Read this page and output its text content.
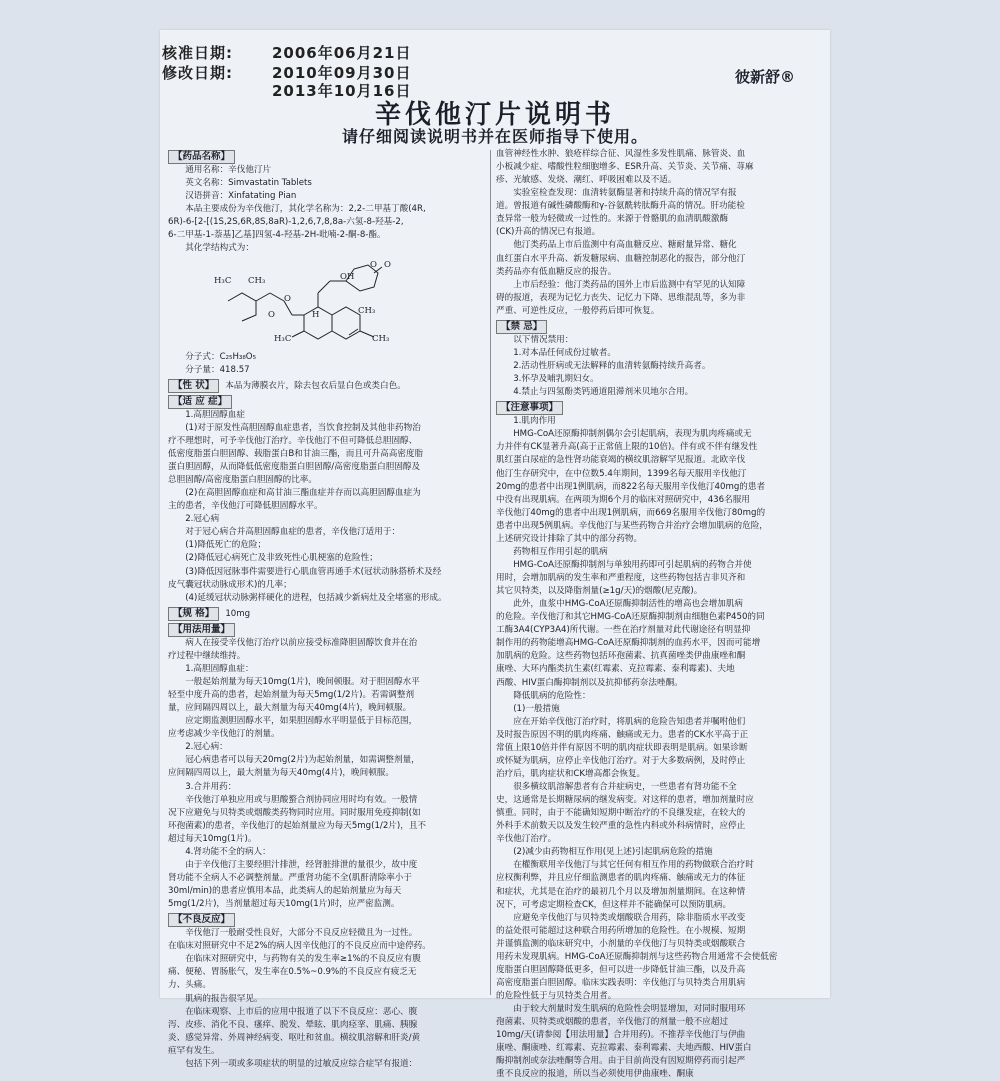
核准日期:	2006年06月21日
修改日期:	2010年09月30日
2013年10月16日
彼新舒®
辛伐他汀片说明书
请仔细阅读说明书并在医师指导下使用。
【药品名称】
通用名称：辛伐他汀片
英文名称：Simvastatin Tablets
汉语拼音：Xinfatating Pian
本品主要成份为辛伐他汀，其化学名称为：2,2-二甲基丁酸(4R,
6R)-6-[2-[(1S,2S,6R,8S,8aR)-1,2,6,7,8,8a-六氢-8-羟基-2,
6-二甲基-1-萘基]乙基]四氢-4-羟基-2H-吡喃-2-酮-8-酯。
其化学结构式为：
H₃C CH₃
O
H
O
O O
OH
CH₃
H₃C	CH₃
分子式：C₂₅H₃₈O₅
分子量：418.57
【性 状】 本品为薄膜衣片，除去包衣后显白色或类白色。
【适 应 症】
1.高胆固醇血症
(1)对于原发性高胆固醇血症患者，当饮食控制及其他非药物治
疗不理想时，可予辛伐他汀治疗。辛伐他汀不但可降低总胆固醇、
低密度脂蛋白胆固醇、载脂蛋白B和甘油三酯，而且可升高高密度脂
蛋白胆固醇，从而降低低密度脂蛋白胆固醇/高密度脂蛋白胆固醇及
总胆固醇/高密度脂蛋白胆固醇的比率。
(2)在高胆固醇血症和高甘油三酯血症并存而以高胆固醇血症为
主的患者，辛伐他汀可降低胆固醇水平。
2.冠心病
对于冠心病合并高胆固醇血症的患者，辛伐他汀适用于：
(1)降低死亡的危险；
(2)降低冠心病死亡及非致死性心肌梗塞的危险性；
(3)降低因冠脉事件需要进行心肌血管再通手术(冠状动脉搭桥术及经
皮气囊冠状动脉成形术)的几率；
(4)延缓冠状动脉粥样硬化的进程，包括减少新病灶及全堵塞的形成。
【规 格】 10mg
【用法用量】
病人在接受辛伐他汀治疗以前应接受标准降胆固醇饮食并在治
疗过程中继续维持。
1.高胆固醇血症：
一般起始剂量为每天10mg(1片)，晚间顿服。对于胆固醇水平
轻至中度升高的患者，起始剂量为每天5mg(1/2片)。若需调整剂
量，应间隔四周以上，最大剂量为每天40mg(4片)，晚间顿服。
应定期监测胆固醇水平，如果胆固醇水平明显低于目标范围，
应考虑减少辛伐他汀的剂量。
2.冠心病：
冠心病患者可以每天20mg(2片)为起始剂量，如需调整剂量，
应间隔四周以上，最大剂量为每天40mg(4片)，晚间顿服。
3.合并用药：
辛伐他汀单独应用或与胆酸螯合剂协同应用时均有效。一般情
况下应避免与贝特类或烟酸类药物同时应用。同时服用免疫抑制(如
环孢菌素)的患者，辛伐他汀的起始剂量应为每天5mg(1/2片)，且不
超过每天10mg(1片)。
4.肾功能不全的病人：
由于辛伐他汀主要经胆汁排泄，经肾脏排泄的量很少，故中度
肾功能不全病人不必调整剂量。严重肾功能不全(肌酐清除率小于
30ml/min)的患者应慎用本品，此类病人的起始剂量应为每天
5mg(1/2片)，当剂量超过每天10mg(1片)时，应严密监测。
【不良反应】
辛伐他汀一般耐受性良好，大部分不良反应轻微且为一过性。
在临床对照研究中不足2%的病人因辛伐他汀的不良反应而中途停药。
在临床对照研究中，与药物有关的发生率≥1%的不良反应有腹
痛、便秘、胃肠胀气，发生率在0.5%~0.9%的不良反应有疲乏无
力、头痛。
肌病的报告很罕见。
在临床观察、上市后的应用中报道了以下不良反应：恶心、腹
泻、皮疹、消化不良、瘙痒、脱发、晕眩、肌肉痉挛、肌痛、胰腺
炎、感觉异常、外周神经病变、呕吐和贫血。横纹肌溶解和肝炎/黄
疸罕有发生。
包括下列一项或多项症状的明显的过敏反应综合症罕有报道：
血管神经性水肿、狼疮样综合征、风湿性多发性肌痛、脉管炎、血
小板减少症、嗜酸性粒细胞增多、ESR升高、关节炎、关节痛、荨麻
疹、光敏感、发烧、潮红、呼吸困难以及不适。
实验室检查发现：血清转氨酶显著和持续升高的情况罕有报
道。曾报道有碱性磷酸酶和γ-谷氨酰转肽酶升高的情况。肝功能检
查异常一般为轻微或一过性的。来源于骨骼肌的血清肌酸激酶
(CK)升高的情况已有报道。
他汀类药品上市后监测中有高血糖反应、糖耐量异常、糖化
血红蛋白水平升高、新发糖尿病、血糖控制恶化的报告，部分他汀
类药品亦有低血糖反应的报告。
上市后经验：他汀类药品的国外上市后监测中有罕见的认知障
碍的报道，表现为记忆力丧失、记忆力下降、思维混乱等，多为非
严重、可逆性反应，一般停药后即可恢复。
【禁 忌】
以下情况禁用：
1.对本品任何成份过敏者。
2.活动性肝病或无法解释的血清转氨酶持续升高者。
3.怀孕及哺乳期妇女。
4.禁止与四氢酚类钙通道阻滞剂米贝地尔合用。
【注意事项】
1.肌肉作用
HMG-CoA还原酶抑制剂偶尔会引起肌病，表现为肌肉疼痛或无
力并伴有CK显著升高(高于正常值上限的10倍)。伴有或不伴有继发性
肌红蛋白尿症的急性肾功能衰竭的横纹肌溶解罕见报道。北欧辛伐
他汀生存研究中，在中位数5.4年期间，1399名每天服用辛伐他汀
20mg的患者中出现1例肌病，而822名每天服用辛伐他汀40mg的患者
中没有出现肌病。在两项为期6个月的临床对照研究中，436名服用
辛伐他汀40mg的患者中出现1例肌病，而669名服用辛伐他汀80mg的
患者中出现5例肌病。辛伐他汀与某些药物合并治疗会增加肌病的危险，
上述研究设计排除了其中的部分药物。
药物相互作用引起的肌病
HMG-CoA还原酶抑制剂与单独用药即可引起肌病的药物合并使
用时，会增加肌病的发生率和严重程度，这些药物包括吉非贝齐和
其它贝特类，以及降脂剂量(≥1g/天)的烟酸(尼克酸)。
此外，血浆中HMG-CoA还原酶抑制活性的增高也会增加肌病
的危险。辛伐他汀和其它HMG-CoA还原酶抑制剂由细胞色素P450的同
工酶3A4(CYP3A4)所代谢。一些在治疗剂量对此代谢途径有明显抑
制作用的药物能增高HMG-CoA还原酶抑制剂的血药水平，因而可能增
加肌病的危险。这些药物包括环孢菌素、抗真菌唑类伊曲康唑和酮
康唑、大环内酯类抗生素(红霉素、克拉霉素、泰利霉素)、夫地
西酸、HIV蛋白酶抑制剂以及抗抑郁药奈法唑酮。
降低肌病的危险性：
(1)一般措施
应在开始辛伐他汀治疗时，将肌病的危险告知患者并嘱咐他们
及时报告原因不明的肌肉疼痛、触痛或无力。患者的CK水平高于正
常值上限10倍并伴有原因不明的肌肉症状即表明是肌病。如果诊断
或怀疑为肌病，应停止辛伐他汀治疗。对于大多数病例，及时停止
治疗后，肌肉症状和CK增高都会恢复。
很多横纹肌溶解患者有合并症病史，一些患者有肾功能不全
史，这通常是长期糖尿病的继发病变。对这样的患者，增加剂量时应
慎重。同时，由于不能确知短期中断治疗的不良继发症，在较大的
外科手术前数天以及发生较严重的急性内科或外科病情时，应停止
辛伐他汀治疗。
(2)减少由药物相互作用(见上述)引起肌病危险的措施
在權衡联用辛伐他汀与其它任何有相互作用的药物做联合治疗时
应权衡利弊，并且应仔细监测患者的肌肉疼痛、触痛或无力的体征
和症状，尤其是在治疗的最初几个月以及增加剂量期间。在这种情
况下，可考虑定期检查CK，但这样并不能确保可以预防肌病。
应避免辛伐他汀与贝特类或烟酸联合用药，除非脂质水平改变
的益处很可能超过这种联合用药所增加的危险性。在小规模、短期
并谨慎监测的临床研究中，小剂量的辛伐他汀与贝特类或烟酸联合
用药未发现肌病。HMG-CoA还原酶抑制剂与这些药物合用通常不会使低密
度脂蛋白胆固醇降低更多，但可以进一步降低甘油三酯，以及升高
高密度脂蛋白胆固醇。临床实践表明：辛伐他汀与贝特类合用肌病
的危险性低于与贝特类合用者。
由于较大剂量时发生肌病的危险性会明显增加，对同时服用环
孢菌素、贝特类或烟酸的患者，辛伐他汀的剂量一般不应超过
10mg/天(请参阅【用法用量】合并用药)。不推荐辛伐他汀与伊曲
康唑、酮康唑、红霉素、克拉霉素、泰利霉素、夫地西酸、HIV蛋白
酶抑制剂或奈法唑酮等合用。由于目前尚没有因短期停药而引起严
重不良反应的报道，所以当必须使用伊曲康唑、酮康
